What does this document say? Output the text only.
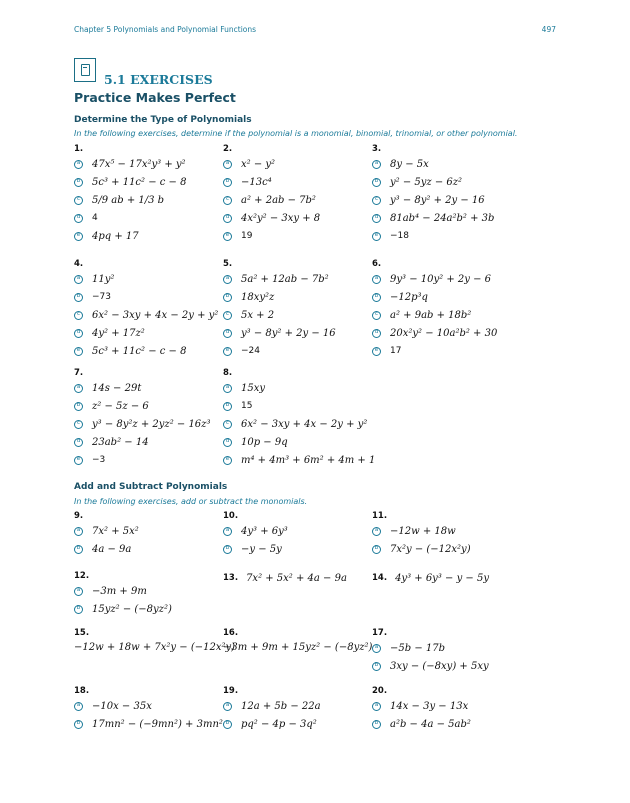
Chapter 5 Polynomials and Polynomial Functions	497
5.1 EXERCISES
Practice Makes Perfect
Determine the Type of Polynomials
In the following exercises, determine if the polynomial is a monomial, binomial, trinomial, or other polynomial.
1.
a 47x⁵ − 17x²y³ + y²
b 5c³ + 11c² − c − 8
c 5/9 ab + 1/3 b
d	4
e 4pq + 17
2.
a x² − y²
b −13c⁴
c a² + 2ab − 7b²
d 4x²y² − 3xy + 8
e	19
3.
a 8y − 5x
b y² − 5yz − 6z²
c y³ − 8y² + 2y − 16
d 81ab⁴ − 24a²b² + 3b
e	−18
4.
a 11y²
b	−73
c 6x² − 3xy + 4x − 2y + y²
d 4y² + 17z²
e 5c³ + 11c² − c − 8
5.
a 5a² + 12ab − 7b²
b 18xy²z
c 5x + 2
d y³ − 8y² + 2y − 16
e	−24
6.
a 9y³ − 10y² + 2y − 6
b −12p³q
c a² + 9ab + 18b²
d 20x²y² − 10a²b² + 30
e	17
7.
a 14s − 29t
b z² − 5z − 6
c y³ − 8y²z + 2yz² − 16z³
d 23ab² − 14
e	−3
8.
a 15xy
b	15
c 6x² − 3xy + 4x − 2y + y²
d 10p − 9q
e m⁴ + 4m³ + 6m² + 4m + 1
Add and Subtract Polynomials
In the following exercises, add or subtract the monomials.
9.
a 7x² + 5x²
b 4a − 9a
10.
a 4y³ + 6y³
b −y − 5y
11.
a −12w + 18w
b 7x²y − (−12x²y)
12.
a −3m + 9m
b 15yz² − (−8yz²)
13. 7x² + 5x² + 4a − 9a	14. 4y³ + 6y³ − y − 5y
15.
−12w + 18w + 7x²y − (−12x²y)
16.
−3m + 9m + 15yz² − (−8yz²)
17.
a −5b − 17b
b 3xy − (−8xy) + 5xy
18.
a −10x − 35x
b 17mn² − (−9mn²) + 3mn²
19.
a 12a + 5b − 22a
b pq² − 4p − 3q²
20.
a 14x − 3y − 13x
b a²b − 4a − 5ab²
